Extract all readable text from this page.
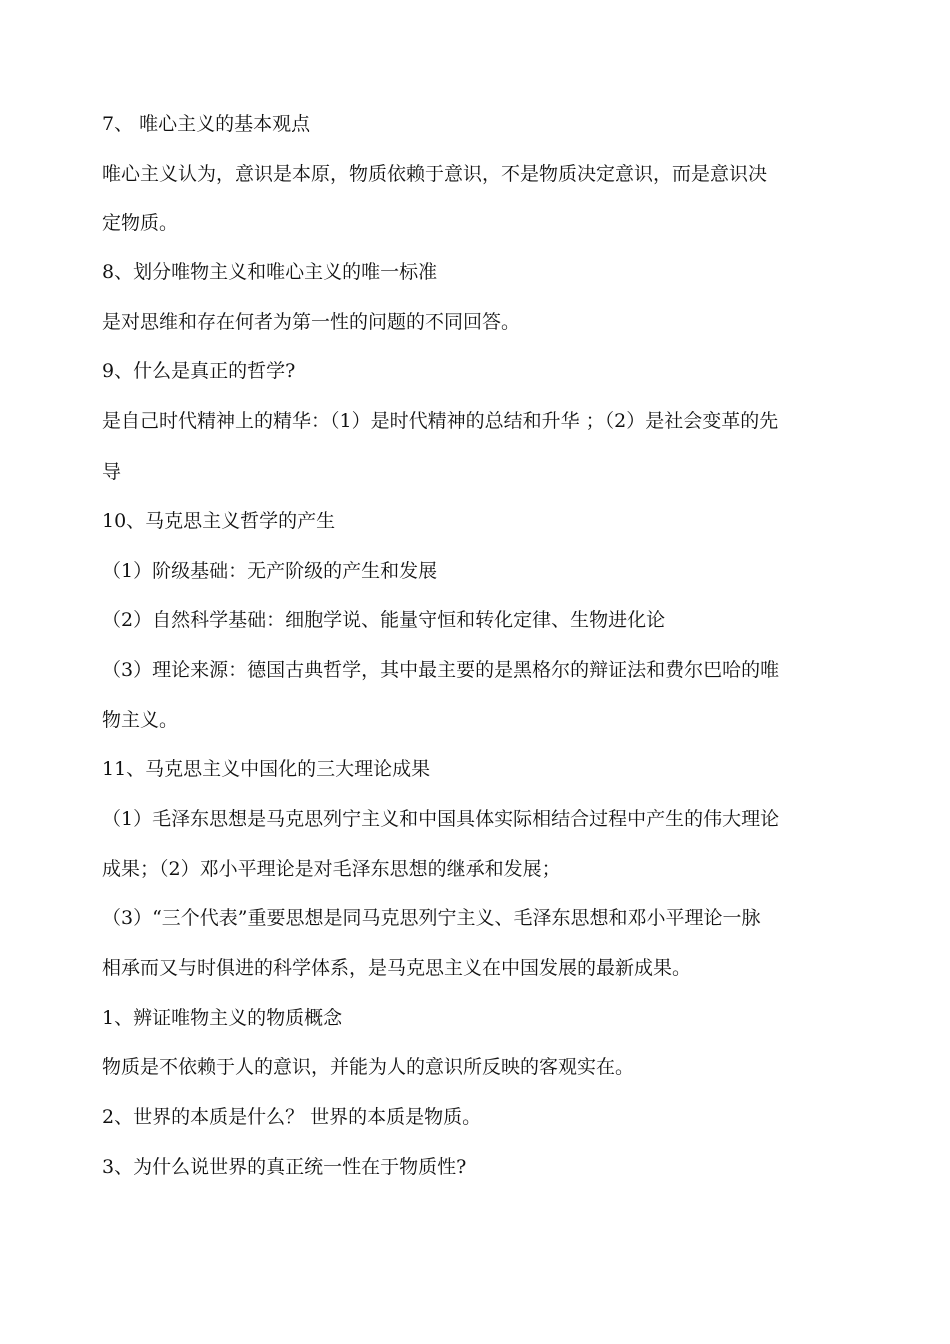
7、 唯心主义的基本观点
唯心主义认为，意识是本原，物质依赖于意识，不是物质决定意识，而是意识决
定物质。
8、划分唯物主义和唯心主义的唯一标准
是对思维和存在何者为第一性的问题的不同回答。
9、什么是真正的哲学?
是自己时代精神上的精华：（1）是时代精神的总结和升华 ；（2）是社会变革的先
导
10、马克思主义哲学的产生
（1）阶级基础：无产阶级的产生和发展
（2）自然科学基础：细胞学说、能量守恒和转化定律、生物进化论
（3）理论来源：德国古典哲学，其中最主要的是黑格尔的辩证法和费尔巴哈的唯
物主义。
11、马克思主义中国化的三大理论成果
（1）毛泽东思想是马克思列宁主义和中国具体实际相结合过程中产生的伟大理论
成果；（2）邓小平理论是对毛泽东思想的继承和发展；
（3）“三个代表”重要思想是同马克思列宁主义、毛泽东思想和邓小平理论一脉
相承而又与时俱进的科学体系，是马克思主义在中国发展的最新成果。
1、辨证唯物主义的物质概念
物质是不依赖于人的意识，并能为人的意识所反映的客观实在。
2、世界的本质是什么？ 世界的本质是物质。
3、为什么说世界的真正统一性在于物质性?
